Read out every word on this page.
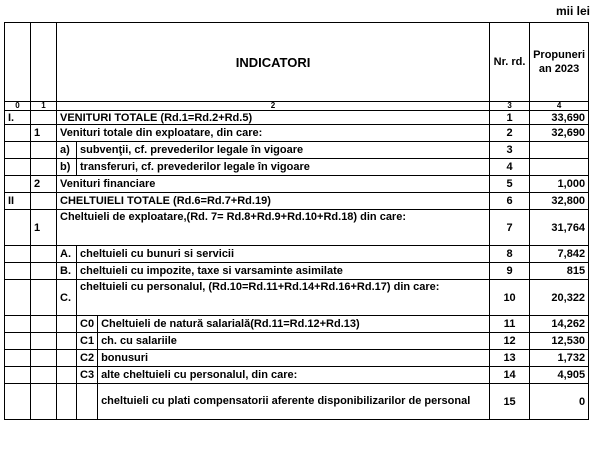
mii lei
		INDICATORI			Nr. rd.	Propuneri an 2023
0	1	2			3	4
I.		VENITURI TOTALE (Rd.1=Rd.2+Rd.5)			1	33,690
	1	Venituri totale din exploatare, din care:			2	32,690
		a)	subvenţii, cf. prevederilor legale în vigoare		3	
		b)	transferuri, cf. prevederilor legale în vigoare		4	
	2	Venituri financiare			5	1,000
II		CHELTUIELI TOTALE (Rd.6=Rd.7+Rd.19)			6	32,800
	1	Cheltuieli de exploatare,(Rd. 7= Rd.8+Rd.9+Rd.10+Rd.18) din care:			7	31,764
		A.	cheltuieli cu bunuri si servicii		8	7,842
		B.	cheltuieli cu impozite, taxe si varsaminte asimilate		9	815
		C.	cheltuieli cu personalul, (Rd.10=Rd.11+Rd.14+Rd.16+Rd.17) din care:		10	20,322
			C0	Cheltuieli de natură salarială(Rd.11=Rd.12+Rd.13)	11	14,262
			C1	ch. cu salariile	12	12,530
			C2	bonusuri	13	1,732
			C3	alte cheltuieli cu personalul, din care:	14	4,905
				cheltuieli cu plati compensatorii aferente disponibilizarilor de personal	15	0
